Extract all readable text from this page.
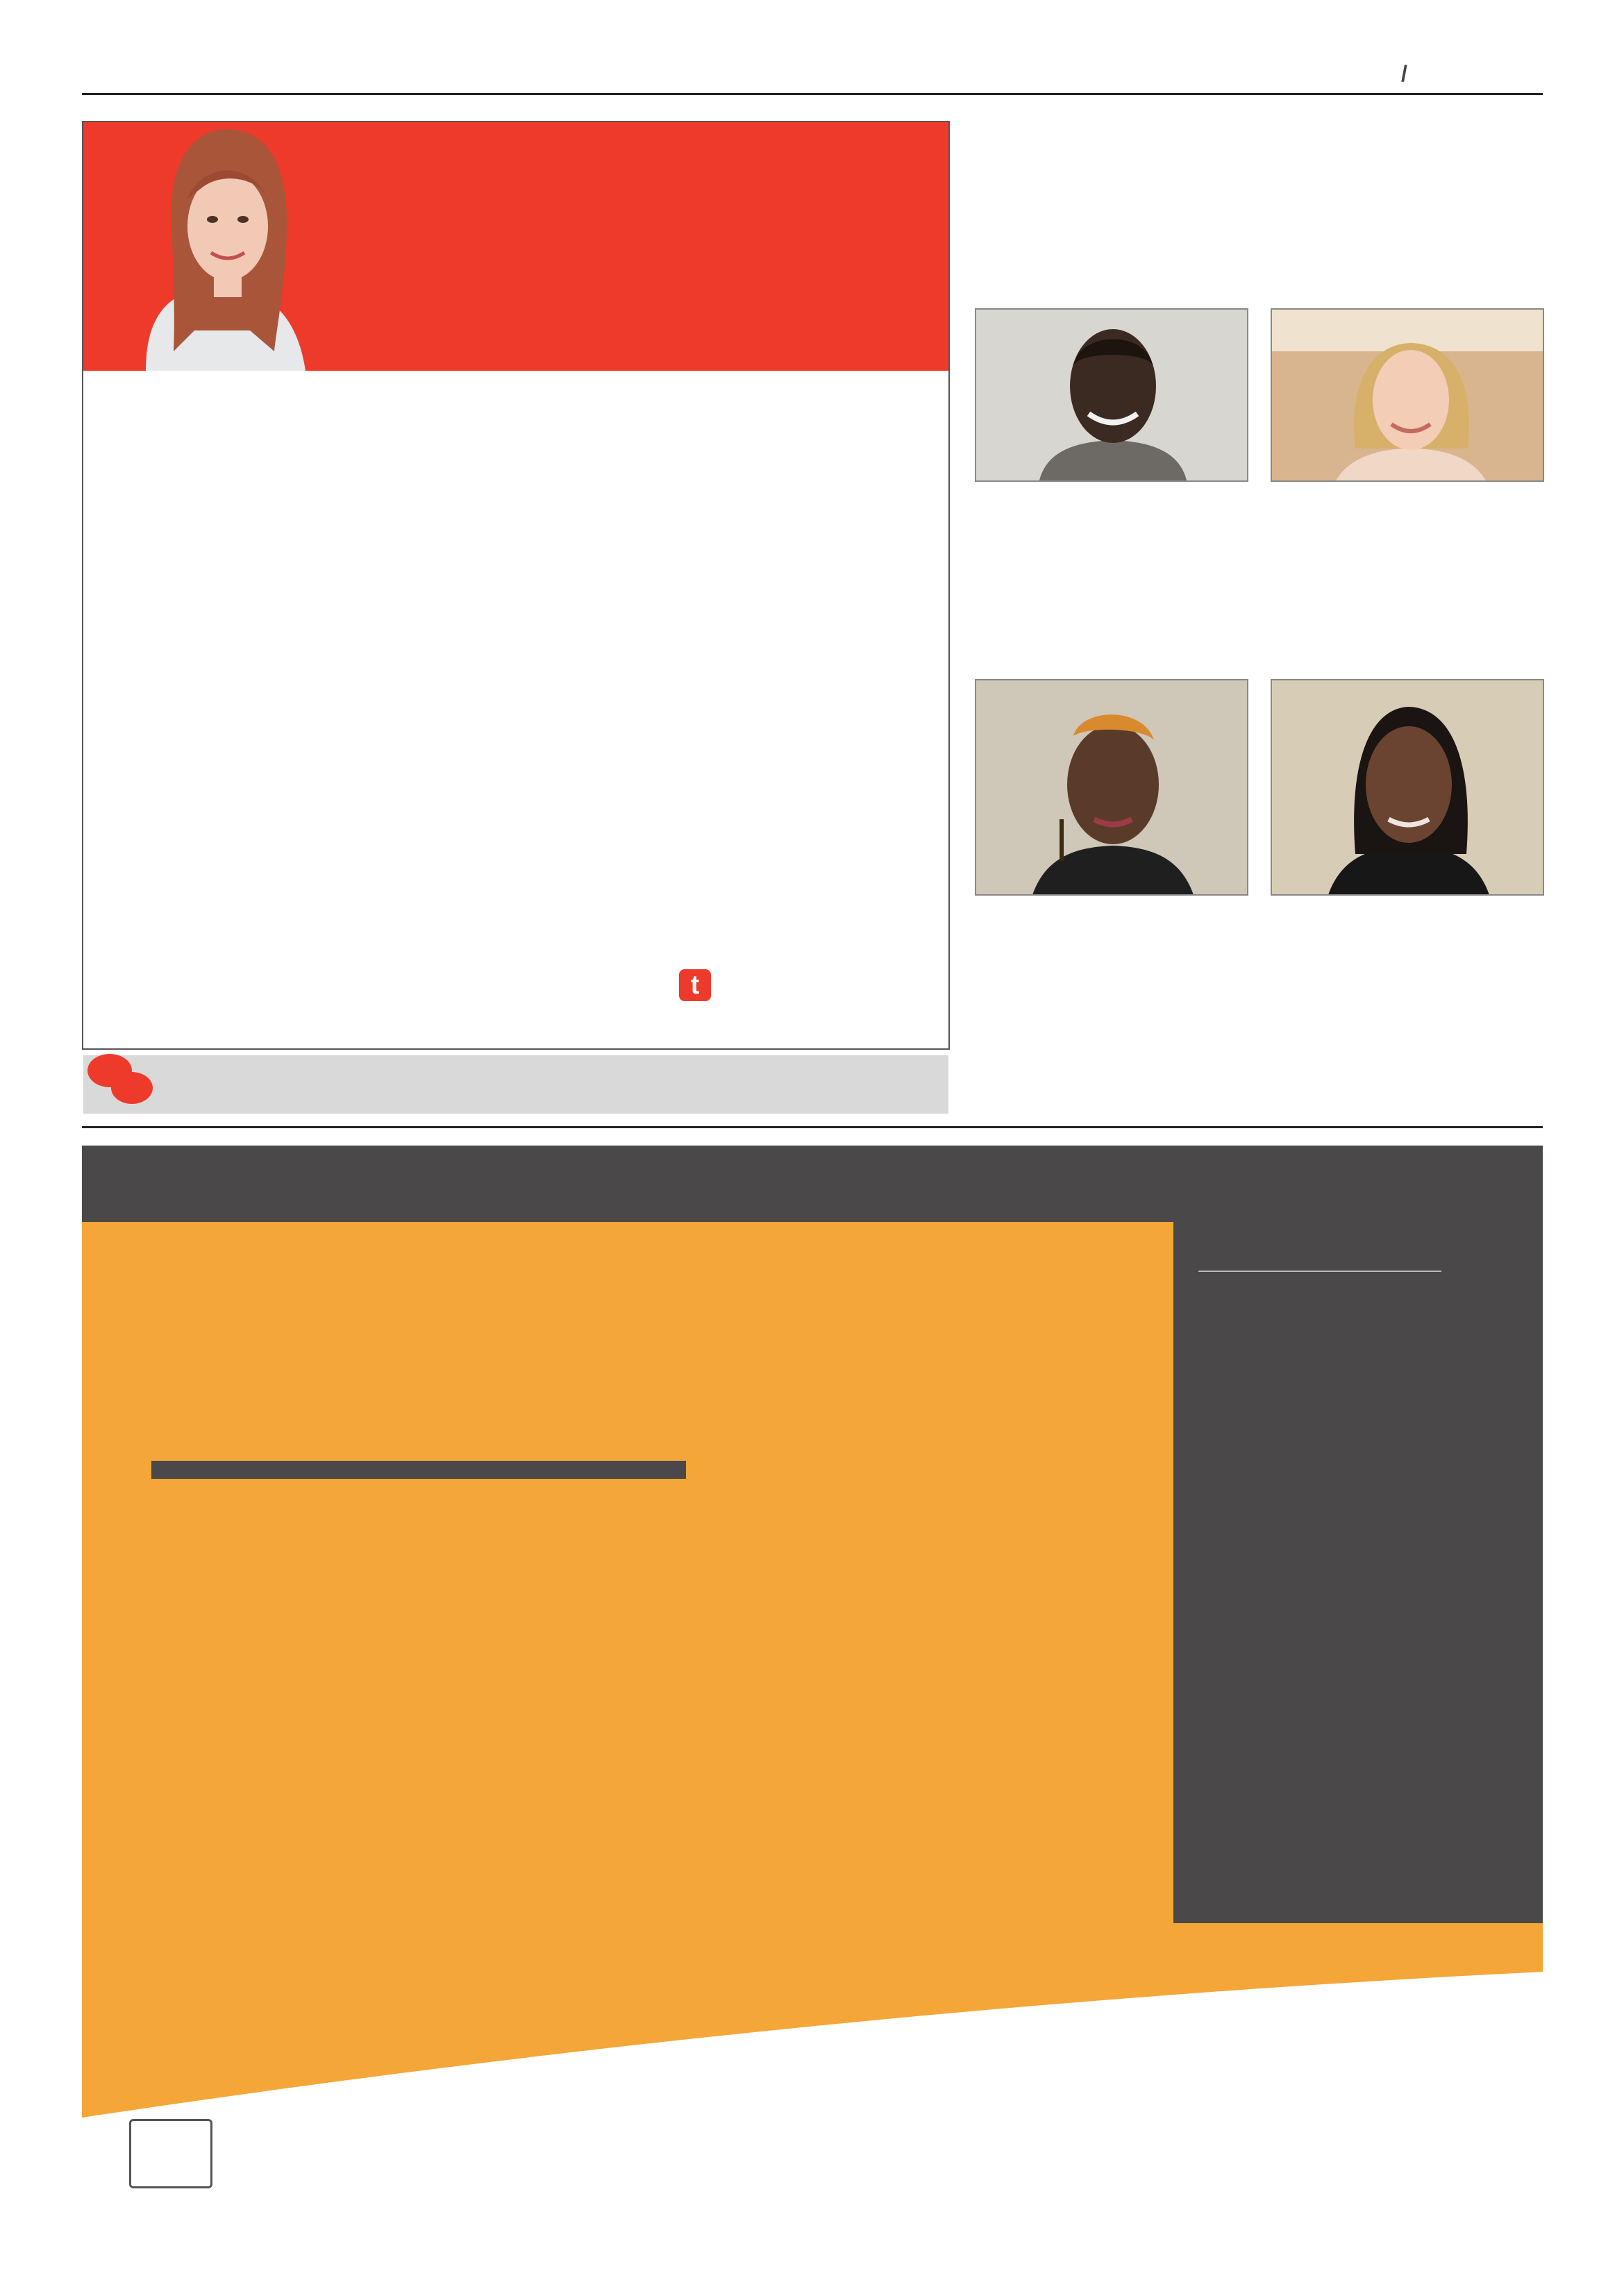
/

t
